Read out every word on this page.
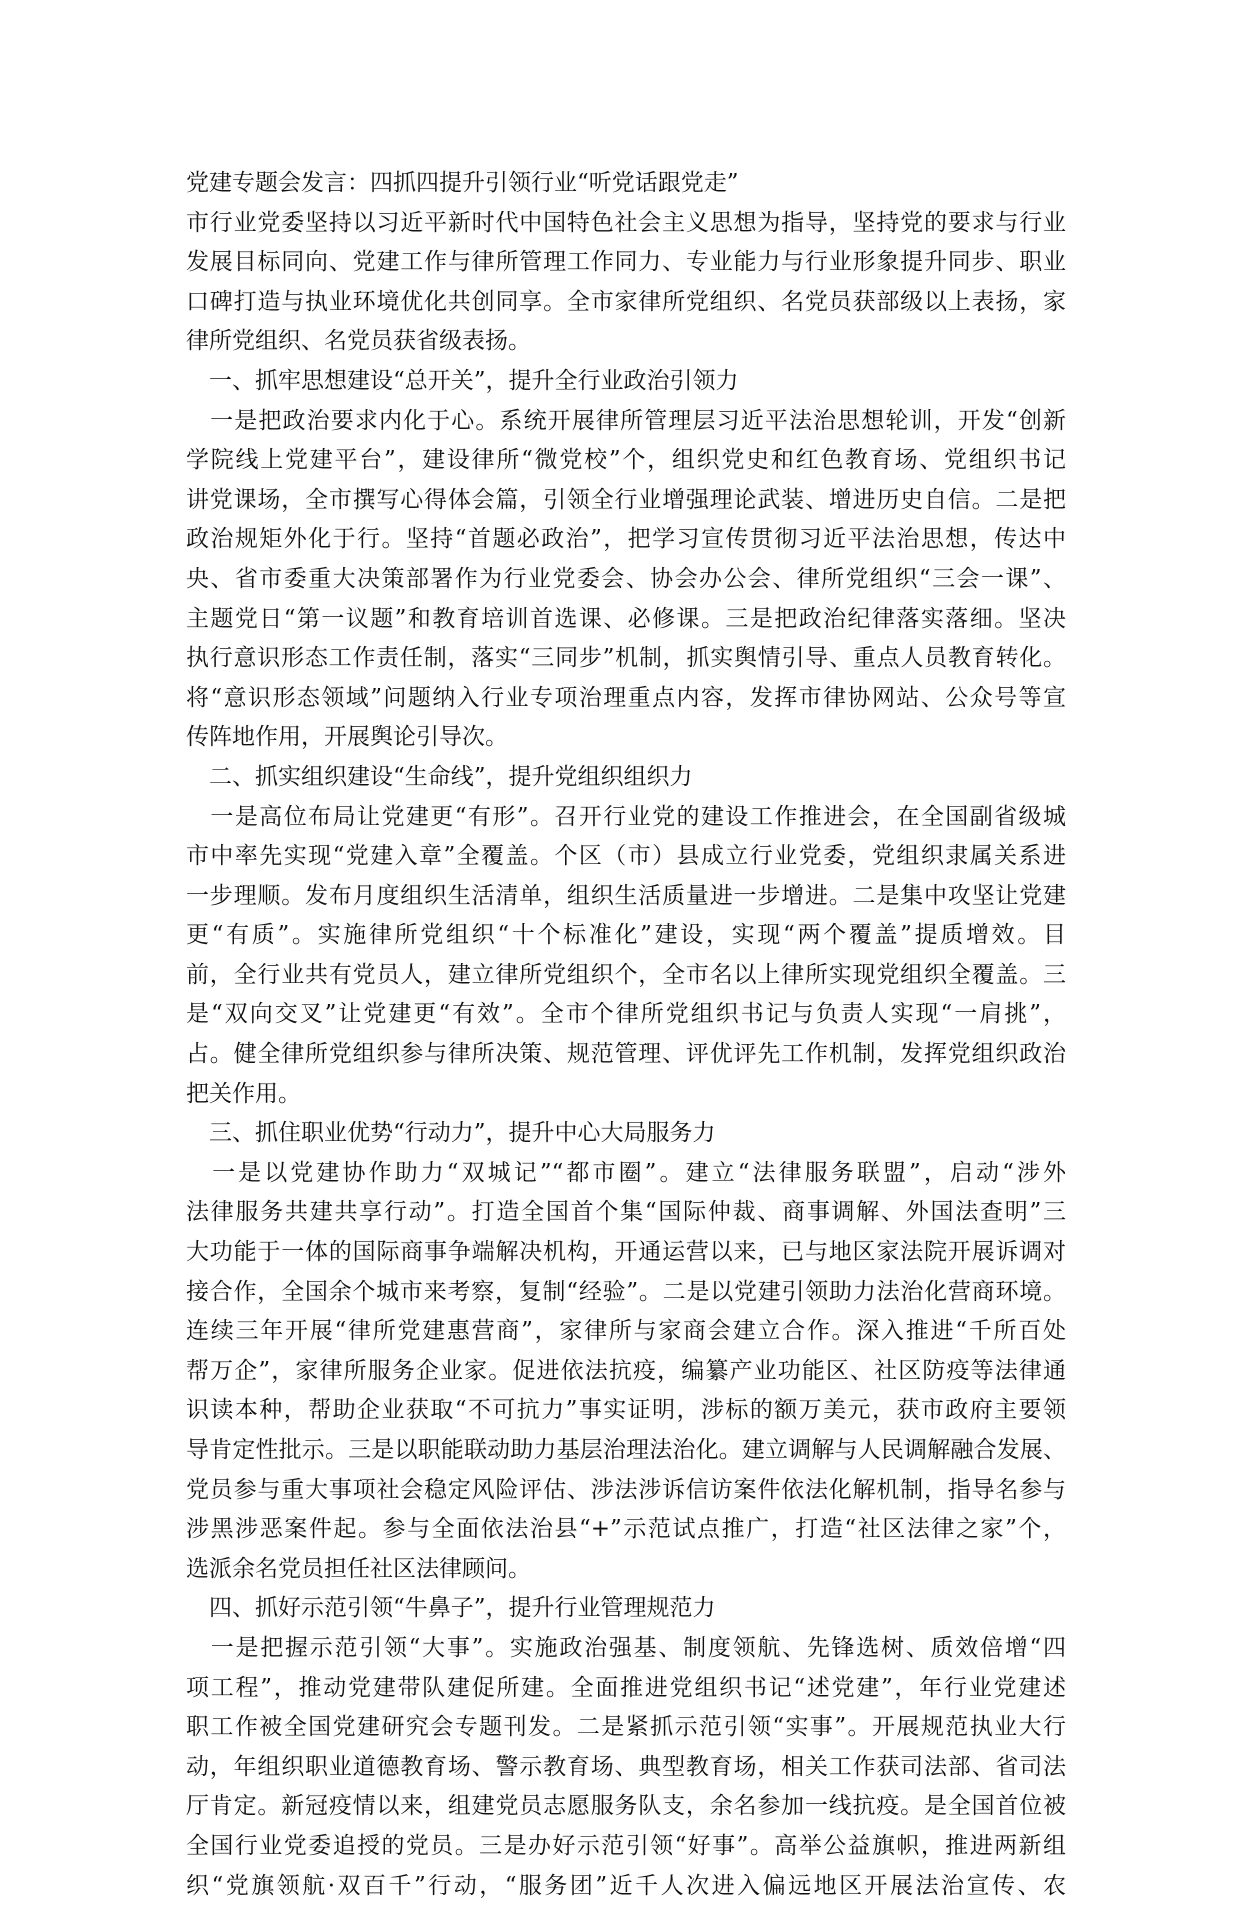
党建专题会发言：四抓四提升引领行业“听党话跟党走”
市行业党委坚持以习近平新时代中国特色社会主义思想为指导，坚持党的要求与行业
发展目标同向、党建工作与律所管理工作同力、专业能力与行业形象提升同步、职业
口碑打造与执业环境优化共创同享。全市家律所党组织、名党员获部级以上表扬，家
律所党组织、名党员获省级表扬。
　一、抓牢思想建设“总开关”，提升全行业政治引领力
　一是把政治要求内化于心。系统开展律所管理层习近平法治思想轮训，开发“创新
学院线上党建平台”，建设律所“微党校”个，组织党史和红色教育场、党组织书记
讲党课场，全市撰写心得体会篇，引领全行业增强理论武装、增进历史自信。二是把
政治规矩外化于行。坚持“首题必政治”，把学习宣传贯彻习近平法治思想，传达中
央、省市委重大决策部署作为行业党委会、协会办公会、律所党组织“三会一课”、
主题党日“第一议题”和教育培训首选课、必修课。三是把政治纪律落实落细。坚决
执行意识形态工作责任制，落实“三同步”机制，抓实舆情引导、重点人员教育转化。
将“意识形态领域”问题纳入行业专项治理重点内容，发挥市律协网站、公众号等宣
传阵地作用，开展舆论引导次。
　二、抓实组织建设“生命线”，提升党组织组织力
　一是高位布局让党建更“有形”。召开行业党的建设工作推进会，在全国副省级城
市中率先实现“党建入章”全覆盖。个区（市）县成立行业党委，党组织隶属关系进
一步理顺。发布月度组织生活清单，组织生活质量进一步增进。二是集中攻坚让党建
更“有质”。实施律所党组织“十个标准化”建设，实现“两个覆盖”提质增效。目
前，全行业共有党员人，建立律所党组织个，全市名以上律所实现党组织全覆盖。三
是“双向交叉”让党建更“有效”。全市个律所党组织书记与负责人实现“一肩挑”，
占。健全律所党组织参与律所决策、规范管理、评优评先工作机制，发挥党组织政治
把关作用。
　三、抓住职业优势“行动力”，提升中心大局服务力
　一是以党建协作助力“双城记”“都市圈”。建立“法律服务联盟”，启动“涉外
法律服务共建共享行动”。打造全国首个集“国际仲裁、商事调解、外国法查明”三
大功能于一体的国际商事争端解决机构，开通运营以来，已与地区家法院开展诉调对
接合作，全国余个城市来考察，复制“经验”。二是以党建引领助力法治化营商环境。
连续三年开展“律所党建惠营商”，家律所与家商会建立合作。深入推进“千所百处
帮万企”，家律所服务企业家。促进依法抗疫，编纂产业功能区、社区防疫等法律通
识读本种，帮助企业获取“不可抗力”事实证明，涉标的额万美元，获市政府主要领
导肯定性批示。三是以职能联动助力基层治理法治化。建立调解与人民调解融合发展、
党员参与重大事项社会稳定风险评估、涉法涉诉信访案件依法化解机制，指导名参与
涉黑涉恶案件起。参与全面依法治县“+”示范试点推广，打造“社区法律之家”个，
选派余名党员担任社区法律顾问。
　四、抓好示范引领“牛鼻子”，提升行业管理规范力
　一是把握示范引领“大事”。实施政治强基、制度领航、先锋选树、质效倍增“四
项工程”，推动党建带队建促所建。全面推进党组织书记“述党建”，年行业党建述
职工作被全国党建研究会专题刊发。二是紧抓示范引领“实事”。开展规范执业大行
动，年组织职业道德教育场、警示教育场、典型教育场，相关工作获司法部、省司法
厅肯定。新冠疫情以来，组建党员志愿服务队支，余名参加一线抗疫。是全国首位被
全国行业党委追授的党员。三是办好示范引领“好事”。高举公益旗帜，推进两新组
织“党旗领航·双百千”行动，“服务团”近千人次进入偏远地区开展法治宣传、农
